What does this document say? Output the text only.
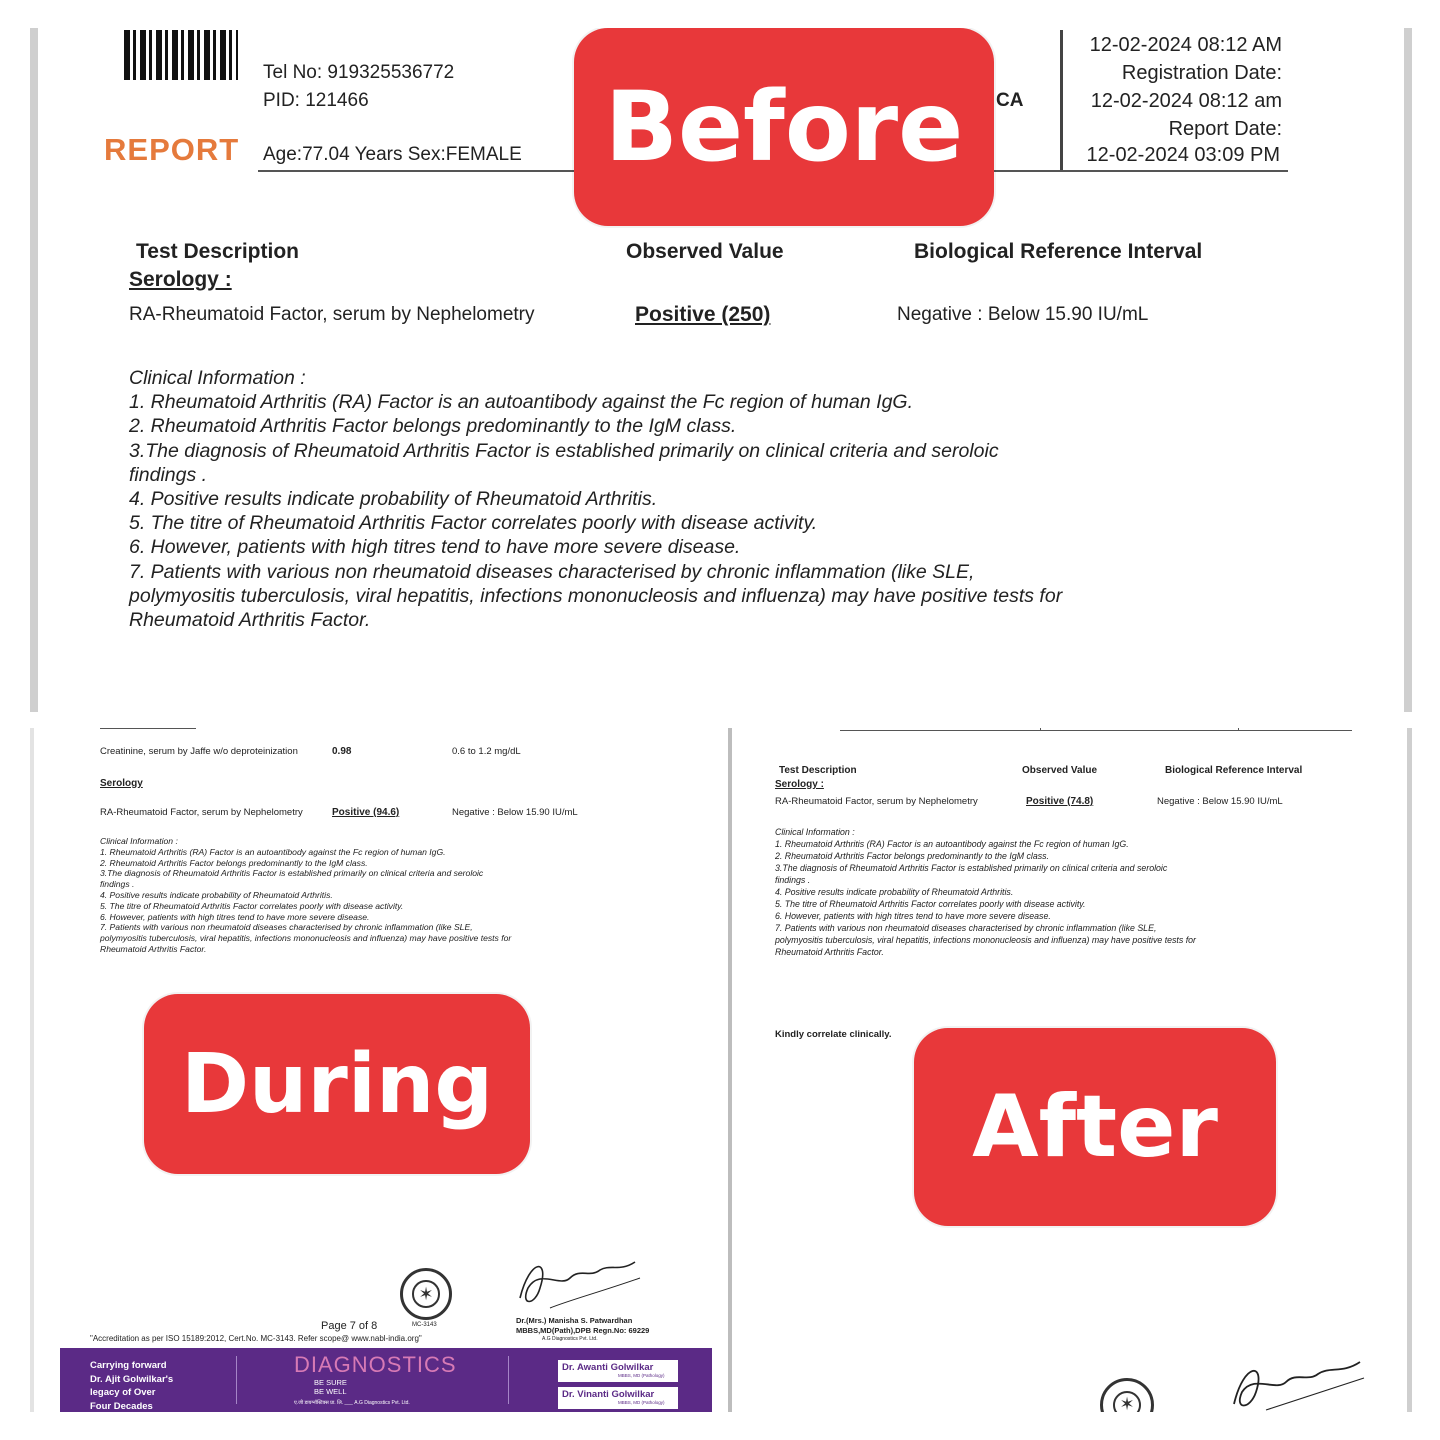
Tel No: 919325536772
PID: 121466
REPORT Age:77.04 Years Sex:FEMALE
CA
12-02-2024 08:12 AM
Registration Date:
12-02-2024 08:12 am
Report Date:
12-02-2024 03:09 PM
Test Description	Observed Value	Biological Reference Interval
Serology :
RA-Rheumatoid Factor, serum by Nephelometry	Positive (250)	Negative : Below 15.90 IU/mL
Clinical Information :
1. Rheumatoid Arthritis (RA) Factor is an autoantibody against the Fc region of human IgG.
2. Rheumatoid Arthritis Factor belongs predominantly to the IgM class.
3.The diagnosis of Rheumatoid Arthritis Factor is established primarily on clinical criteria and seroloic
findings .
4. Positive results indicate probability of Rheumatoid Arthritis.
5. The titre of Rheumatoid Arthritis Factor correlates poorly with disease activity.
6. However, patients with high titres tend to have more severe disease.
7. Patients with various non rheumatoid diseases characterised by chronic inflammation (like SLE,
polymyositis tuberculosis, viral hepatitis, infections mononucleosis and influenza) may have positive tests for
Rheumatoid Arthritis Factor.
Before
Creatinine, serum by Jaffe w/o deproteinization	0.98	0.6 to 1.2 mg/dL
Serology
RA-Rheumatoid Factor, serum by Nephelometry	Positive (94.6)	Negative : Below 15.90 IU/mL
Clinical Information :
1. Rheumatoid Arthritis (RA) Factor is an autoantibody against the Fc region of human IgG.
2. Rheumatoid Arthritis Factor belongs predominantly to the IgM class.
3.The diagnosis of Rheumatoid Arthritis Factor is established primarily on clinical criteria and seroloic
findings .
4. Positive results indicate probability of Rheumatoid Arthritis.
5. The titre of Rheumatoid Arthritis Factor correlates poorly with disease activity.
6. However, patients with high titres tend to have more severe disease.
7. Patients with various non rheumatoid diseases characterised by chronic inflammation (like SLE,
polymyositis tuberculosis, viral hepatitis, infections mononucleosis and influenza) may have positive tests for
Rheumatoid Arthritis Factor.
During
✶
MC-3143
Page 7 of 8
"Accreditation as per ISO 15189:2012, Cert.No. MC-3143. Refer scope@ www.nabl-india.org"
Dr.(Mrs.) Manisha S. Patwardhan
MBBS,MD(Path),DPB Regn.No: 69229
A.G Diagnostics Pvt. Ltd.
Carrying forward
Dr. Ajit Golwilkar's
legacy of Over
Four Decades
DIAGNOSTICS
BE SURE
BE WELL
ए.जी डायग्नॉस्टिक्स प्रा. लि. ___ A.G Diagnostics Pvt. Ltd.
Dr. Awanti Golwilkar
MBBS, MD (Pathology)
Dr. Vinanti Golwilkar
MBBS, MD (Pathology)
Test Description	Observed Value	Biological Reference Interval
Serology :
RA-Rheumatoid Factor, serum by Nephelometry	Positive (74.8)	Negative : Below 15.90 IU/mL
Clinical Information :
1. Rheumatoid Arthritis (RA) Factor is an autoantibody against the Fc region of human IgG.
2. Rheumatoid Arthritis Factor belongs predominantly to the IgM class.
3.The diagnosis of Rheumatoid Arthritis Factor is established primarily on clinical criteria and seroloic
findings .
4. Positive results indicate probability of Rheumatoid Arthritis.
5. The titre of Rheumatoid Arthritis Factor correlates poorly with disease activity.
6. However, patients with high titres tend to have more severe disease.
7. Patients with various non rheumatoid diseases characterised by chronic inflammation (like SLE,
polymyositis tuberculosis, viral hepatitis, infections mononucleosis and influenza) may have positive tests for
Rheumatoid Arthritis Factor.
Kindly correlate clinically.
After
✶
